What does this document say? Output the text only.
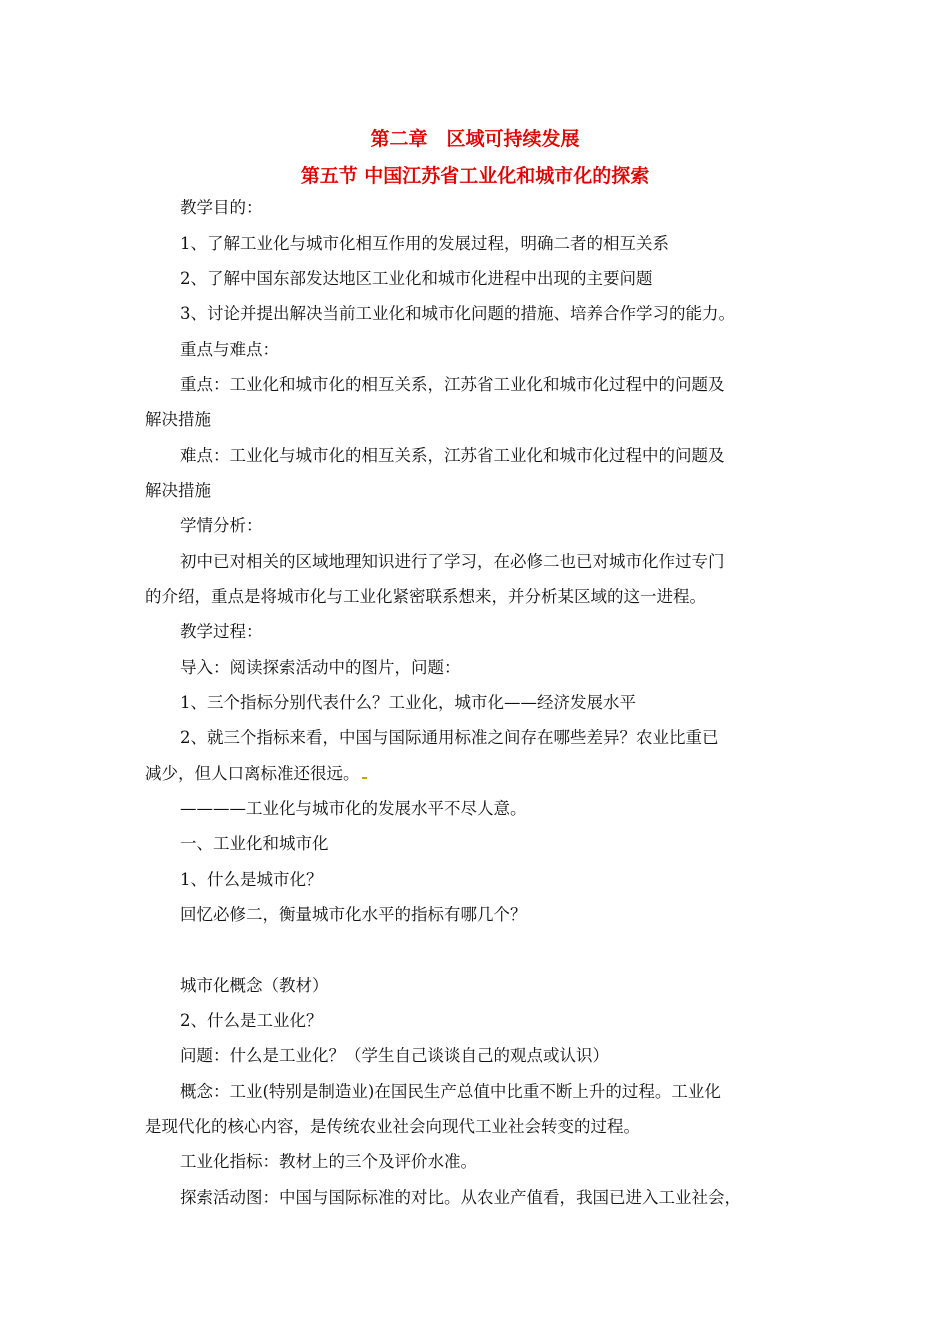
第二章　区域可持续发展
第五节 中国江苏省工业化和城市化的探索
教学目的：
1、了解工业化与城市化相互作用的发展过程，明确二者的相互关系
2、了解中国东部发达地区工业化和城市化进程中出现的主要问题
3、讨论并提出解决当前工业化和城市化问题的措施、培养合作学习的能力。
重点与难点：
重点：工业化和城市化的相互关系，江苏省工业化和城市化过程中的问题及
解决措施
难点：工业化与城市化的相互关系，江苏省工业化和城市化过程中的问题及
解决措施
学情分析：
初中已对相关的区域地理知识进行了学习，在必修二也已对城市化作过专门
的介绍，重点是将城市化与工业化紧密联系想来，并分析某区域的这一进程。
教学过程：
导入：阅读探索活动中的图片，问题：
1、三个指标分别代表什么？工业化，城市化——经济发展水平
2、就三个指标来看，中国与国际通用标准之间存在哪些差异？农业比重已
减少，但人口离标准还很远。
————工业化与城市化的发展水平不尽人意。
一、工业化和城市化
1、什么是城市化？
回忆必修二，衡量城市化水平的指标有哪几个？
城市化概念（教材）
2、什么是工业化？
问题：什么是工业化？（学生自己谈谈自己的观点或认识）
概念：工业(特别是制造业)在国民生产总值中比重不断上升的过程。工业化
是现代化的核心内容，是传统农业社会向现代工业社会转变的过程。
工业化指标：教材上的三个及评价水准。
探索活动图：中国与国际标准的对比。从农业产值看，我国已进入工业社会，
